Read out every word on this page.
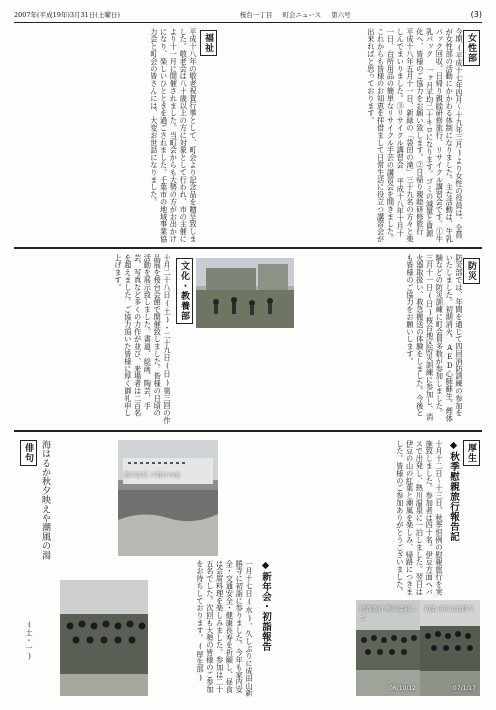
2007年(平成19年)3月31日(土曜日)	桜台一丁目 町会ニュース 第六号	(3)
女性部

今期(平成十七年四月〜十九年三月)より女性の役員は、全員が女性部の活動にかかわる体制になりました。主な活動は、牛乳パック回収、日帰り親睦研修旅行、リサイクル講習会です。①牛乳パック 一ヶ月平均二十キロになります。ゴミの減量と資源化へ、皆様のご協力をお願い致します。②日帰り親睦研修旅行 平成十八年五月十一日、新緑の「袋田の滝」三十九名の方々と楽しんでまいりました。③リサイクル講習会 平成十八年十月十一日、台所用品の簡単なリサイクル手芸の講習会を開きました。これからも皆様のお知恵を拝借まして日常生活に役立つ講習会が出来ればと思っております。

福祉

平成十八年の敬老祝賀行事として、町会より記念品を贈呈致しました。敬老会は八十歳以上の方に対象として行われ、市の主催により十一月に開催されました。当町会からも大勢の方がお出かけになり、楽しいひとときを過ごされました。千葉市の地域事業協力会と町会の皆さんには、大変お世話になりました。

防災

防災部では、年間を通じて四回消防訓練の参加をいたしました。初期消火、AED心肺蘇生、煙体験などの防災訓練に町会員多数が参加しました。三月十一日(日)桜台地区防災訓練に参加し、消火器取扱い、救急搬送の体験をしました。今後とも皆様のご協力をお願いします。

文化・教養部

十月二十八日(土)・二十九日(日)第三回の作品展を桜台会館で開催致しました。皆様の日頃の活動を展示致しました。書道、絵画、陶芸、手芸、写真など多くの力作が並び、来場者は二百名を超えました。ご協力頂いた皆様に厚く御礼申し上げます。

厚生
◆秋季慰親旅行報告記

十月十二日〜十三日、秋季恒例の慰親旅行を実施致しました。参加者は四十名。伊豆方面へバスで出発し、熱川温泉に一泊しました。翌日は伊豆の山の紅葉と潮風を楽しみ、帰路につきました。皆様のご参加ありがとうございました。

◆新年会・初詣報告

一月十七日(水)、久しぶりに成田山新勝寺に初詣に参りました。今年も家内安全・交通安全・健康長寿を祈願し、昼食は会席料理を楽しみました。参加は二十五名でした。次回も大勢の皆様のご参加をお待ちしております。(厚生部)

熱川温泉 夕焼けの海
慰親旅行 熱川温泉にて
06/10/12
初詣 成田山新勝寺
07/1/17
俳句 海はるか秋夕映えや潮風の湯
(土・一)
